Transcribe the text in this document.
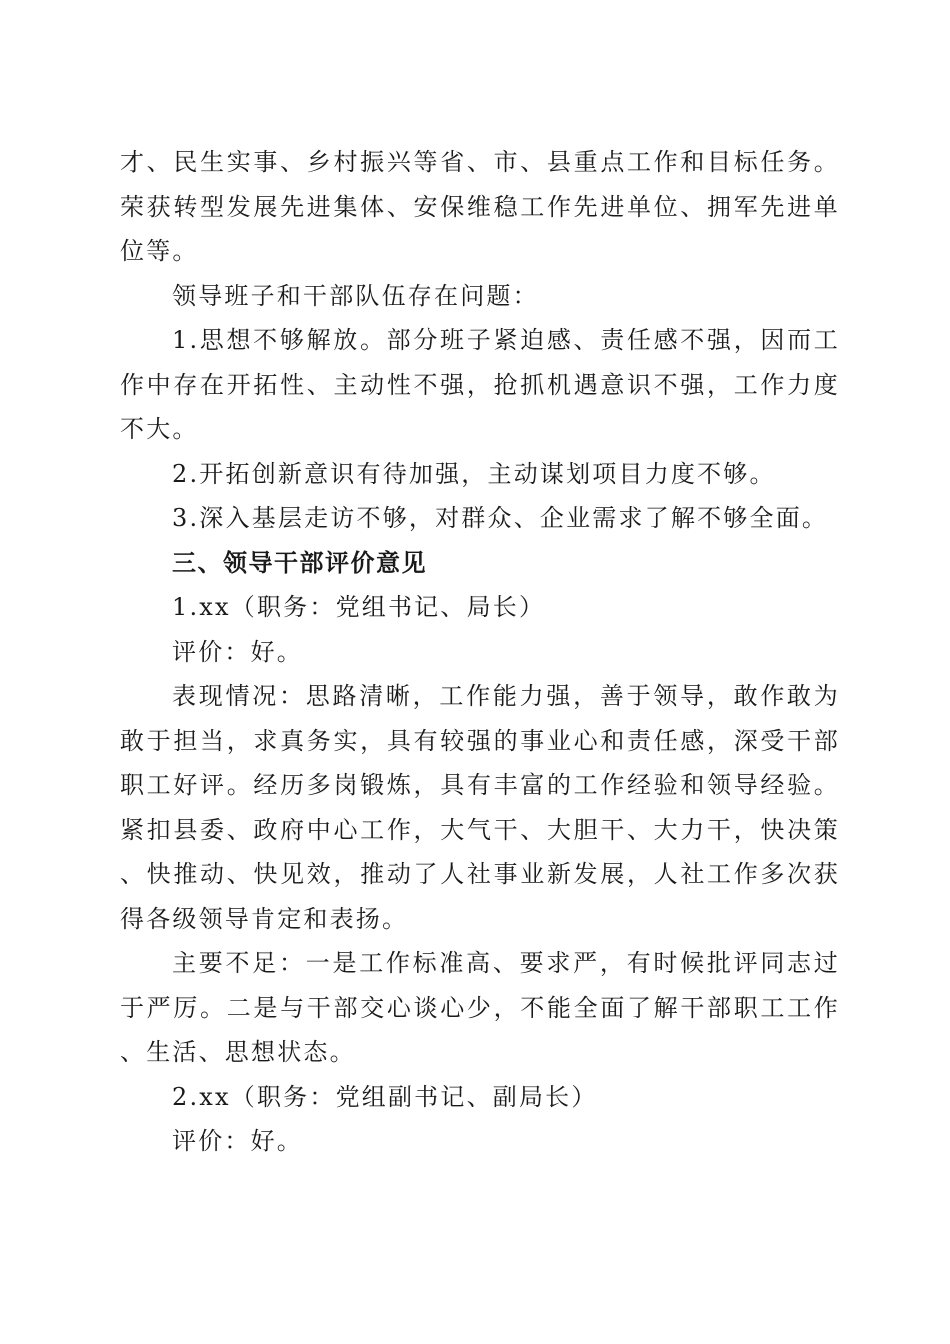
才、民生实事、乡村振兴等省、市、县重点工作和目标任务。荣获转型发展先进集体、安保维稳工作先进单位、拥军先进单位等。

领导班子和干部队伍存在问题：

1.思想不够解放。部分班子紧迫感、责任感不强，因而工作中存在开拓性、主动性不强，抢抓机遇意识不强，工作力度不大。

2.开拓创新意识有待加强，主动谋划项目力度不够。

3.深入基层走访不够，对群众、企业需求了解不够全面。

三、领导干部评价意见

1.xx（职务：党组书记、局长）

评价：好。

表现情况：思路清晰，工作能力强，善于领导，敢作敢为敢于担当，求真务实，具有较强的事业心和责任感，深受干部职工好评。经历多岗锻炼，具有丰富的工作经验和领导经验。紧扣县委、政府中心工作，大气干、大胆干、大力干，快决策、快推动、快见效，推动了人社事业新发展，人社工作多次获得各级领导肯定和表扬。

主要不足：一是工作标准高、要求严，有时候批评同志过于严厉。二是与干部交心谈心少，不能全面了解干部职工工作、生活、思想状态。

2.xx（职务：党组副书记、副局长）

评价：好。
